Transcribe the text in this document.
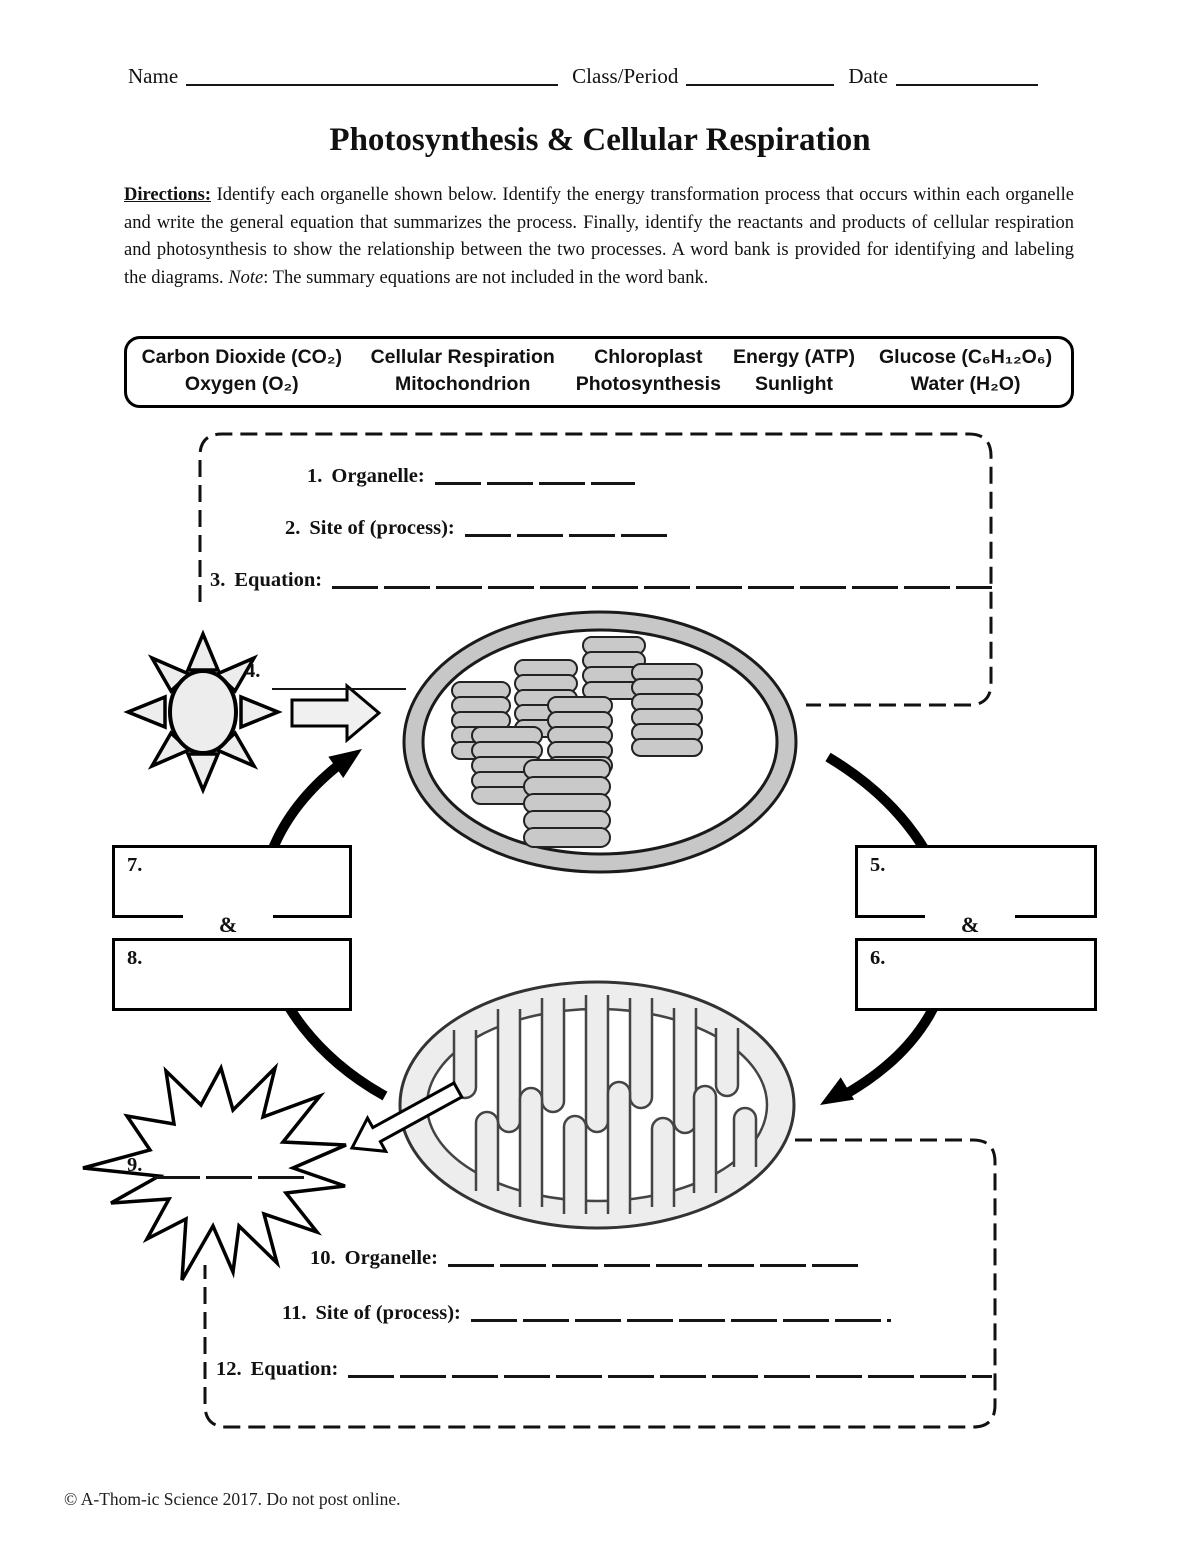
Name	Class/Period	Date
Photosynthesis & Cellular Respiration
Directions: Identify each organelle shown below. Identify the energy transformation process that occurs within each organelle and write the general equation that summarizes the process. Finally, identify the reactants and products of cellular respiration and photosynthesis to show the relationship between the two processes. A word bank is provided for identifying and labeling the diagrams. Note: The summary equations are not included in the word bank.
Carbon Dioxide (CO₂)	Cellular Respiration	Chloroplast	Energy (ATP)	Glucose (C₆H₁₂O₆)
Oxygen (O₂)	Mitochondrion	Photosynthesis	Sunlight	Water (H₂O)
1. Organelle:
2. Site of (process):
3. Equation:
4.
5.
&
6.
7.
&
8.
9.
10. Organelle:
11. Site of (process):
12. Equation:
© A-Thom-ic Science 2017. Do not post online.
